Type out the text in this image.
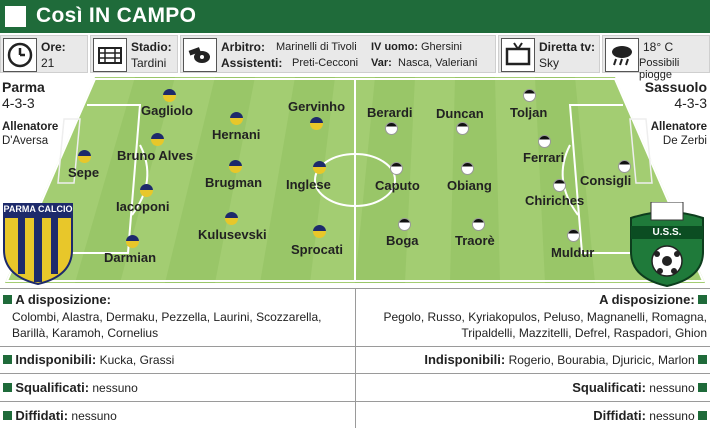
Così IN CAMPO
Ore:
21
Stadio:
Tardini
Arbitro: Marinelli di Tivoli
Assistenti: Preti-Cecconi
IV uomo: Ghersini
Var: Nasca, Valeriani
Diretta tv:
Sky
18° C
Possibili piogge
Sepe
Gagliolo
Bruno Alves
Iacoponi
Darmian
Hernani
Brugman
Kulusevski
Gervinho
Inglese
Sprocati
Consigli
Toljan
Ferrari
Chiriches
Muldur
Duncan
Obiang
Traorè
Berardi
Caputo
Boga
Parma
4-3-3
Allenatore
D'Aversa
Sassuolo
4-3-3
Allenatore
De Zerbi
PARMA CALCIO
U.S.S.
A disposizione:
Colombi, Alastra, Dermaku, Pezzella, Laurini, Scozzarella,
Barillà, Karamoh, Cornelius
A disposizione:
Pegolo, Russo, Kyriakopulos, Peluso, Magnanelli, Romagna,
Tripaldelli, Mazzitelli, Defrel, Raspadori, Ghion
Indisponibili: Kucka, Grassi	Indisponibili: Rogerio, Bourabia, Djuricic, Marlon
Squalificati: nessuno	Squalificati: nessuno
Diffidati: nessuno	Diffidati: nessuno
